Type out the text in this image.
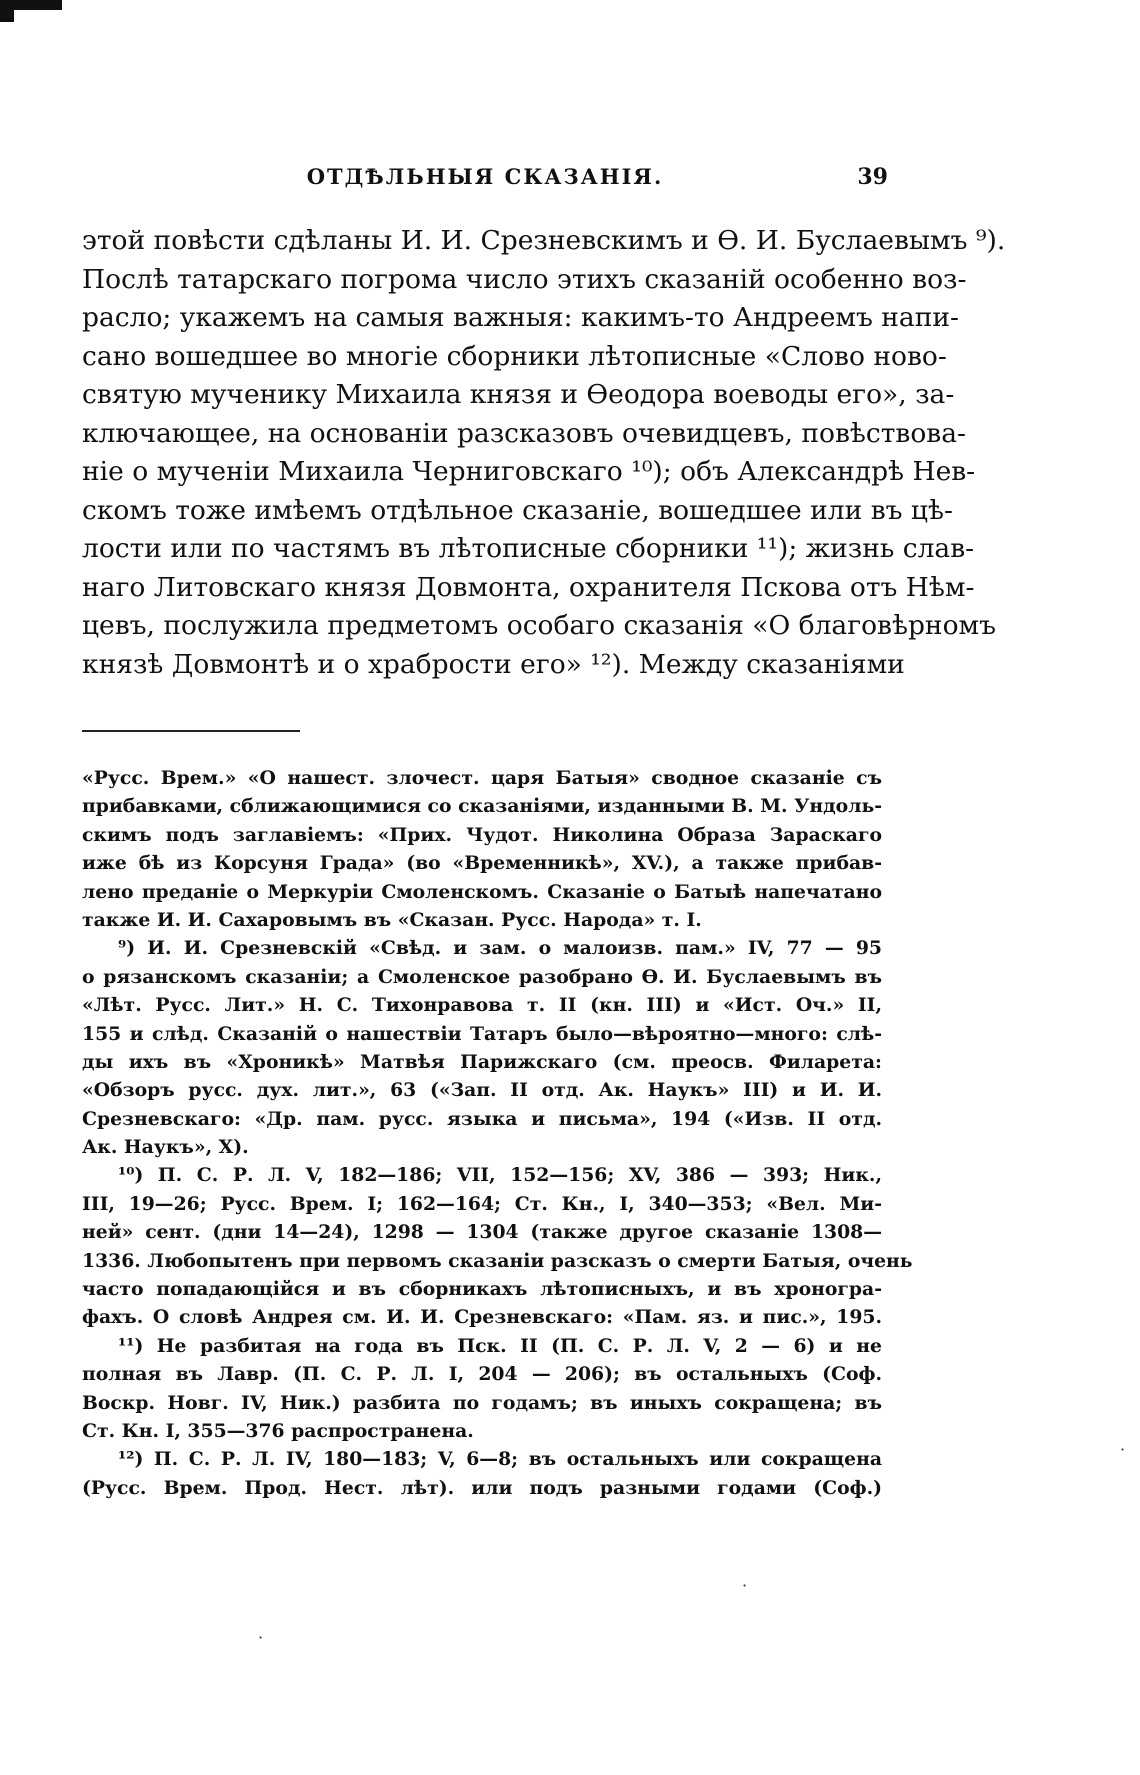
ОТДѢЛЬНЫЯ СКАЗАНІЯ.	39
этой повѣсти сдѣланы И. И. Срезневскимъ и Ѳ. И. Буслаевымъ ⁹).
Послѣ татарскаго погрома число этихъ сказаній особенно воз-
расло; укажемъ на самыя важныя: какимъ-то Андреемъ напи-
сано вошедшее во многіе сборники лѣтописные «Слово ново-
святую мученику Михаила князя и Ѳеодора воеводы его», за-
ключающее, на основаніи разсказовъ очевидцевъ, повѣствова-
ніе о мученіи Михаила Черниговскаго ¹⁰); объ Александрѣ Нев-
скомъ тоже имѣемъ отдѣльное сказаніе, вошедшее или въ цѣ-
лости или по частямъ въ лѣтописные сборники ¹¹); жизнь слав-
наго Литовскаго князя Довмонта, охранителя Пскова отъ Нѣм-
цевъ, послужила предметомъ особаго сказанія «О благовѣрномъ
князѣ Довмонтѣ и о храбрости его» ¹²). Между сказаніями
«Русс. Врем.» «О нашест. злочест. царя Батыя» сводное сказаніе съ
прибавками, сближающимися со сказаніями, изданными В. М. Ундоль-
скимъ подъ заглавіемъ: «Прих. Чудот. Николина Образа Зараскаго
иже бѣ из Корсуня Града» (во «Временникѣ», XV.), а также прибав-
лено преданіе о Меркуріи Смоленскомъ. Сказаніе о Батыѣ напечатано
также И. И. Сахаровымъ въ «Сказан. Русс. Народа» т. I.
⁹) И. И. Срезневскій «Свѣд. и зам. о малоизв. пам.» IV, 77 — 95
о рязанскомъ сказаніи; а Смоленское разобрано Ѳ. И. Буслаевымъ въ
«Лѣт. Русс. Лит.» Н. С. Тихонравова т. II (кн. III) и «Ист. Оч.» II,
155 и слѣд. Сказаній о нашествіи Татаръ было—вѣроятно—много: слѣ-
ды ихъ въ «Хроникѣ» Матвѣя Парижскаго (см. преосв. Филарета:
«Обзоръ русс. дух. лит.», 63 («Зап. II отд. Ак. Наукъ» III) и И. И.
Срезневскаго: «Др. пам. русс. языка и письма», 194 («Изв. II отд.
Ак. Наукъ», X).
¹⁰) П. С. Р. Л. V, 182—186; VII, 152—156; XV, 386 — 393; Ник.,
III, 19—26; Русс. Врем. I; 162—164; Ст. Кн., I, 340—353; «Вел. Ми-
ней» сент. (дни 14—24), 1298 — 1304 (также другое сказаніе 1308—
1336. Любопытенъ при первомъ сказаніи разсказъ о смерти Батыя, очень
часто попадающійся и въ сборникахъ лѣтописныхъ, и въ хроногра-
фахъ. О словѣ Андрея см. И. И. Срезневскаго: «Пам. яз. и пис.», 195.
¹¹) Не разбитая на года въ Пск. II (П. С. Р. Л. V, 2 — 6) и не
полная въ Лавр. (П. С. Р. Л. I, 204 — 206); въ остальныхъ (Соф.
Воскр. Новг. IV, Ник.) разбита по годамъ; въ иныхъ сокращена; въ
Ст. Кн. I, 355—376 распространена.
¹²) П. С. Р. Л. IV, 180—183; V, 6—8; въ остальныхъ или сокращена
(Русс. Врем. Прод. Нест. лѣт). или подъ разными годами (Соф.)
·
·
·
